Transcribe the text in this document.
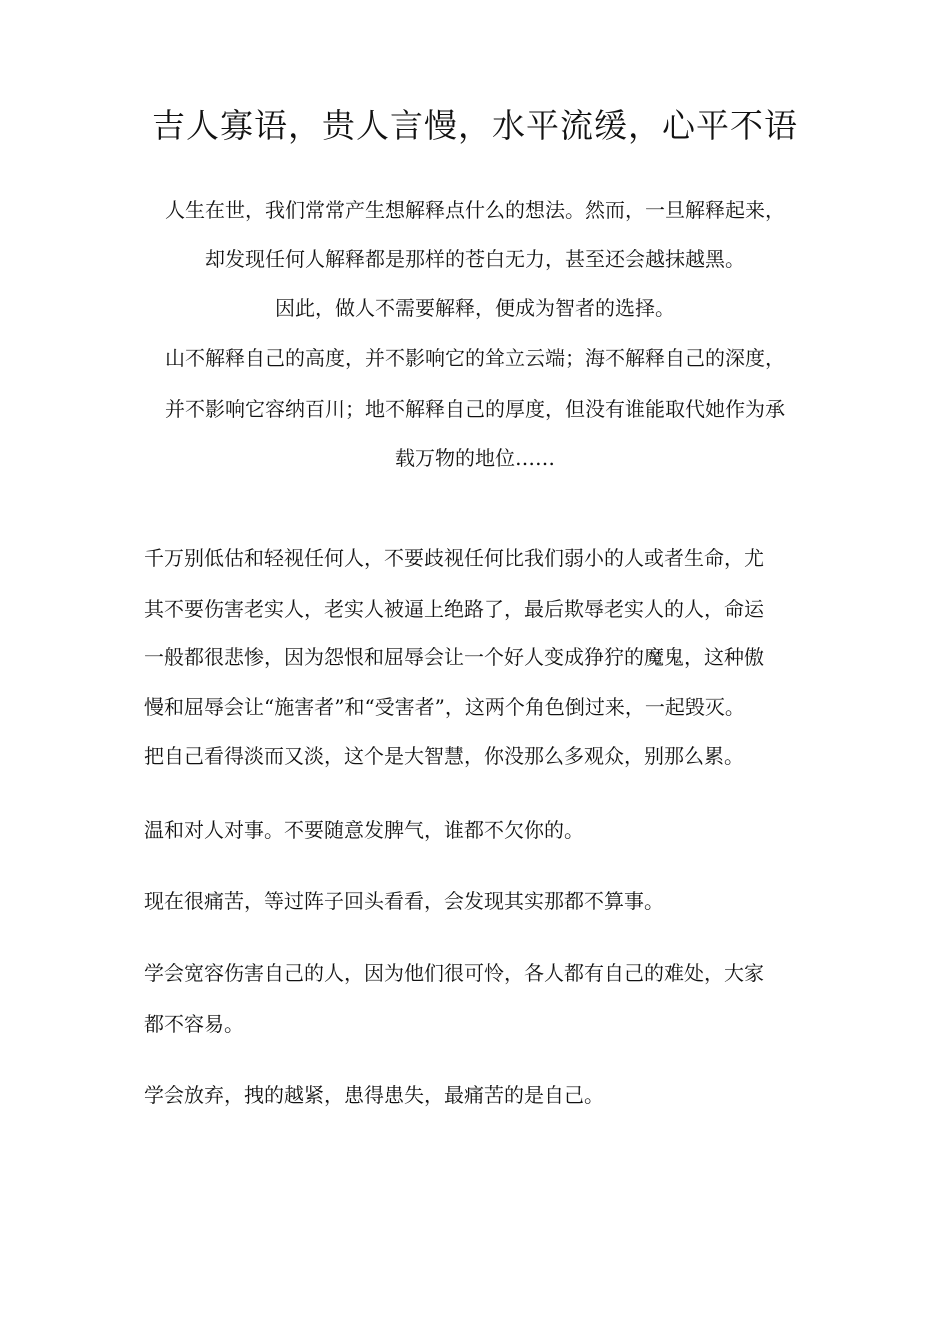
吉人寡语，贵人言慢，水平流缓，心平不语

人生在世，我们常常产生想解释点什么的想法。然而，一旦解释起来，

却发现任何人解释都是那样的苍白无力，甚至还会越抹越黑。

因此，做人不需要解释，便成为智者的选择。

山不解释自己的高度，并不影响它的耸立云端；海不解释自己的深度，

并不影响它容纳百川；地不解释自己的厚度，但没有谁能取代她作为承

载万物的地位……

千万别低估和轻视任何人，不要歧视任何比我们弱小的人或者生命，尤

其不要伤害老实人，老实人被逼上绝路了，最后欺辱老实人的人，命运

一般都很悲惨，因为怨恨和屈辱会让一个好人变成狰狞的魔鬼，这种傲

慢和屈辱会让“施害者”和“受害者”，这两个角色倒过来，一起毁灭。

把自己看得淡而又淡，这个是大智慧，你没那么多观众，别那么累。

温和对人对事。不要随意发脾气，谁都不欠你的。

现在很痛苦，等过阵子回头看看，会发现其实那都不算事。

学会宽容伤害自己的人，因为他们很可怜，各人都有自己的难处，大家

都不容易。

学会放弃，拽的越紧，患得患失，最痛苦的是自己。
